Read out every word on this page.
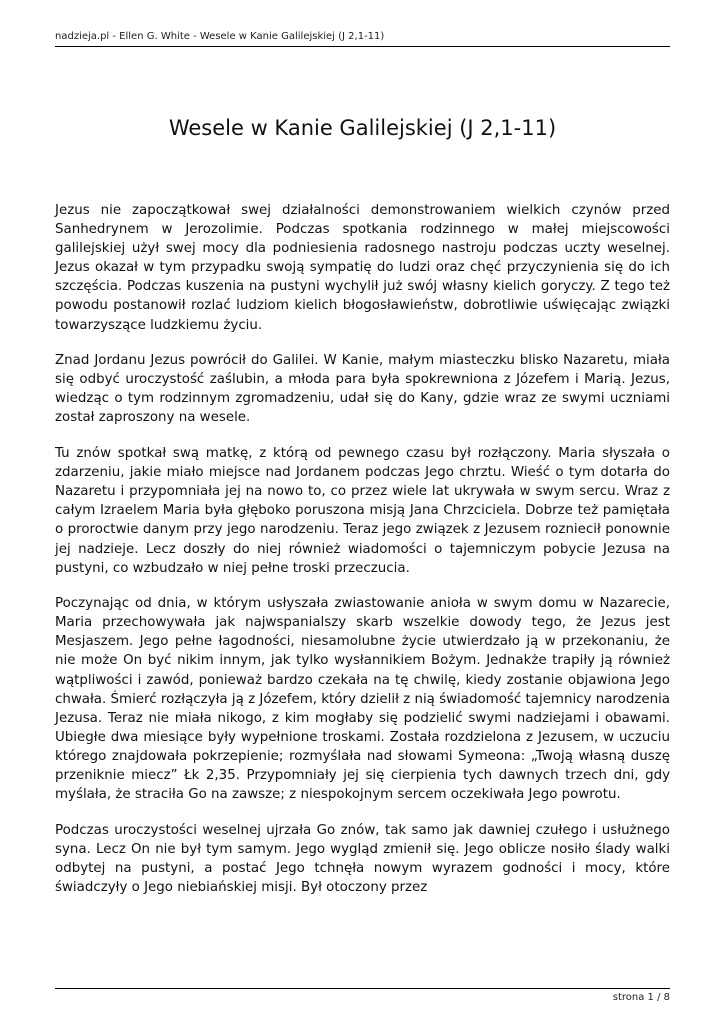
nadzieja.pl - Ellen G. White - Wesele w Kanie Galilejskiej (J 2,1-11)
Wesele w Kanie Galilejskiej (J 2,1-11)

Jezus nie zapoczątkował swej działalności demonstrowaniem wielkich czynów przed Sanhedrynem w Jerozolimie. Podczas spotkania rodzinnego w małej miejscowości galilejskiej użył swej mocy dla podniesienia radosnego nastroju podczas uczty weselnej. Jezus okazał w tym przypadku swoją sympatię do ludzi oraz chęć przyczynienia się do ich szczęścia. Podczas kuszenia na pustyni wychylił już swój własny kielich goryczy. Z tego też powodu postanowił rozlać ludziom kielich błogosławieństw, dobrotliwie uświęcając związki towarzyszące ludzkiemu życiu.

Znad Jordanu Jezus powrócił do Galilei. W Kanie, małym miasteczku blisko Nazaretu, miała się odbyć uroczystość zaślubin, a młoda para była spokrewniona z Józefem i Marią. Jezus, wiedząc o tym rodzinnym zgromadzeniu, udał się do Kany, gdzie wraz ze swymi uczniami został zaproszony na wesele.

Tu znów spotkał swą matkę, z którą od pewnego czasu był rozłączony. Maria słyszała o zdarzeniu, jakie miało miejsce nad Jordanem podczas Jego chrztu. Wieść o tym dotarła do Nazaretu i przypomniała jej na nowo to, co przez wiele lat ukrywała w swym sercu. Wraz z całym Izraelem Maria była głęboko poruszona misją Jana Chrzciciela. Dobrze też pamiętała o proroctwie danym przy jego narodzeniu. Teraz jego związek z Jezusem rozniecił ponownie jej nadzieje. Lecz doszły do niej również wiadomości o tajemniczym pobycie Jezusa na pustyni, co wzbudzało w niej pełne troski przeczucia.

Poczynając od dnia, w którym usłyszała zwiastowanie anioła w swym domu w Nazarecie, Maria przechowywała jak najwspanialszy skarb wszelkie dowody tego, że Jezus jest Mesjaszem. Jego pełne łagodności, niesamolubne życie utwierdzało ją w przekonaniu, że nie może On być nikim innym, jak tylko wysłannikiem Bożym. Jednakże trapiły ją również wątpliwości i zawód, ponieważ bardzo czekała na tę chwilę, kiedy zostanie objawiona Jego chwała. Śmierć rozłączyła ją z Józefem, który dzielił z nią świadomość tajemnicy narodzenia Jezusa. Teraz nie miała nikogo, z kim mogłaby się podzielić swymi nadziejami i obawami. Ubiegłe dwa miesiące były wypełnione troskami. Została rozdzielona z Jezusem, w uczuciu którego znajdowała pokrzepienie; rozmyślała nad słowami Symeona: „Twoją własną duszę przeniknie miecz” Łk 2,35. Przypomniały jej się cierpienia tych dawnych trzech dni, gdy myślała, że straciła Go na zawsze; z niespokojnym sercem oczekiwała Jego powrotu.

Podczas uroczystości weselnej ujrzała Go znów, tak samo jak dawniej czułego i usłużnego syna. Lecz On nie był tym samym. Jego wygląd zmienił się. Jego oblicze nosiło ślady walki odbytej na pustyni, a postać Jego tchnęła nowym wyrazem godności i mocy, które świadczyły o Jego niebiańskiej misji. Był otoczony przez

strona 1 / 8
